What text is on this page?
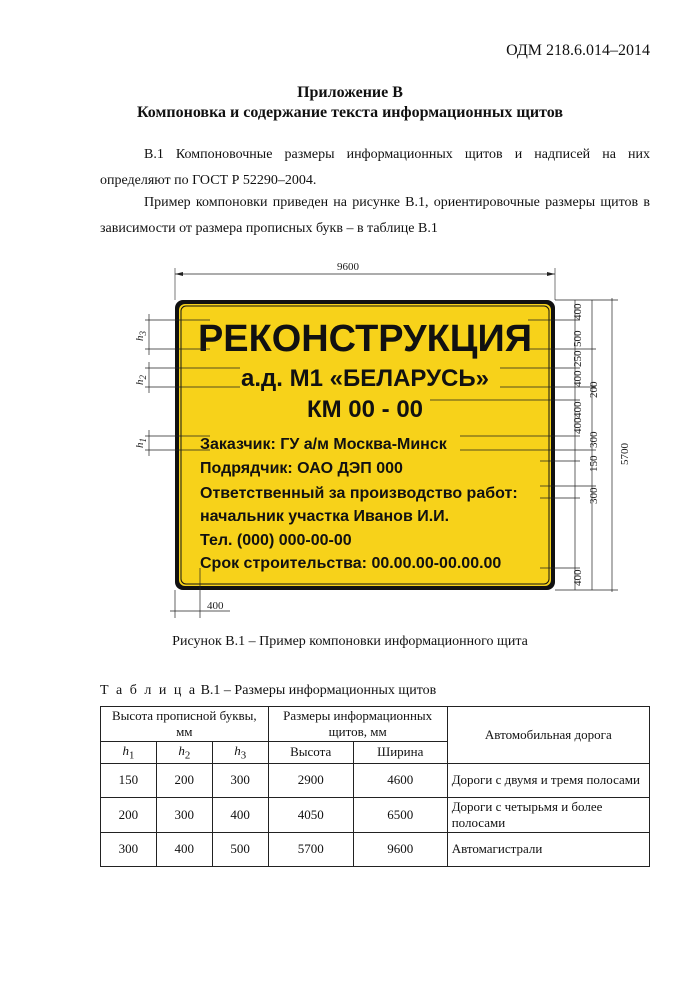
ОДМ 218.6.014–2014
Приложение В
Компоновка и содержание текста информационных щитов
В.1 Компоновочные размеры информационных щитов и надписей на них определяют по ГОСТ Р 52290–2004.
Пример компоновки приведен на рисунке В.1, ориентировочные размеры щитов в зависимости от размера прописных букв – в таблице В.1
9600
РЕКОНСТРУКЦИЯ
а.д. М1 «БЕЛАРУСЬ»
КМ 00 - 00
Заказчик: ГУ а/м Москва-Минск
Подрядчик: ОАО ДЭП 000
Ответственный за производство работ:
начальник участка Иванов И.И.
Тел. (000) 000-00-00
Срок строительства: 00.00.00-00.00.00
$h_3$
$h_2$
$h_1$
400
400
500
250
400
400
400
300
150
300
400
200
5700
Рисунок В.1 – Пример компоновки информационного щита
Т а б л и ц а В.1 – Размеры информационных щитов
Высота прописной буквы, мм			Размеры информационных щитов, мм		Автомобильная дорога
$h_1$	$h_2$	$h_3$	Высота	Ширина	
150	200	300	2900	4600	Дороги с двумя и тремя полосами
200	300	400	4050	6500	Дороги с четырьмя и более полосами
300	400	500	5700	9600	Автомагистрали
